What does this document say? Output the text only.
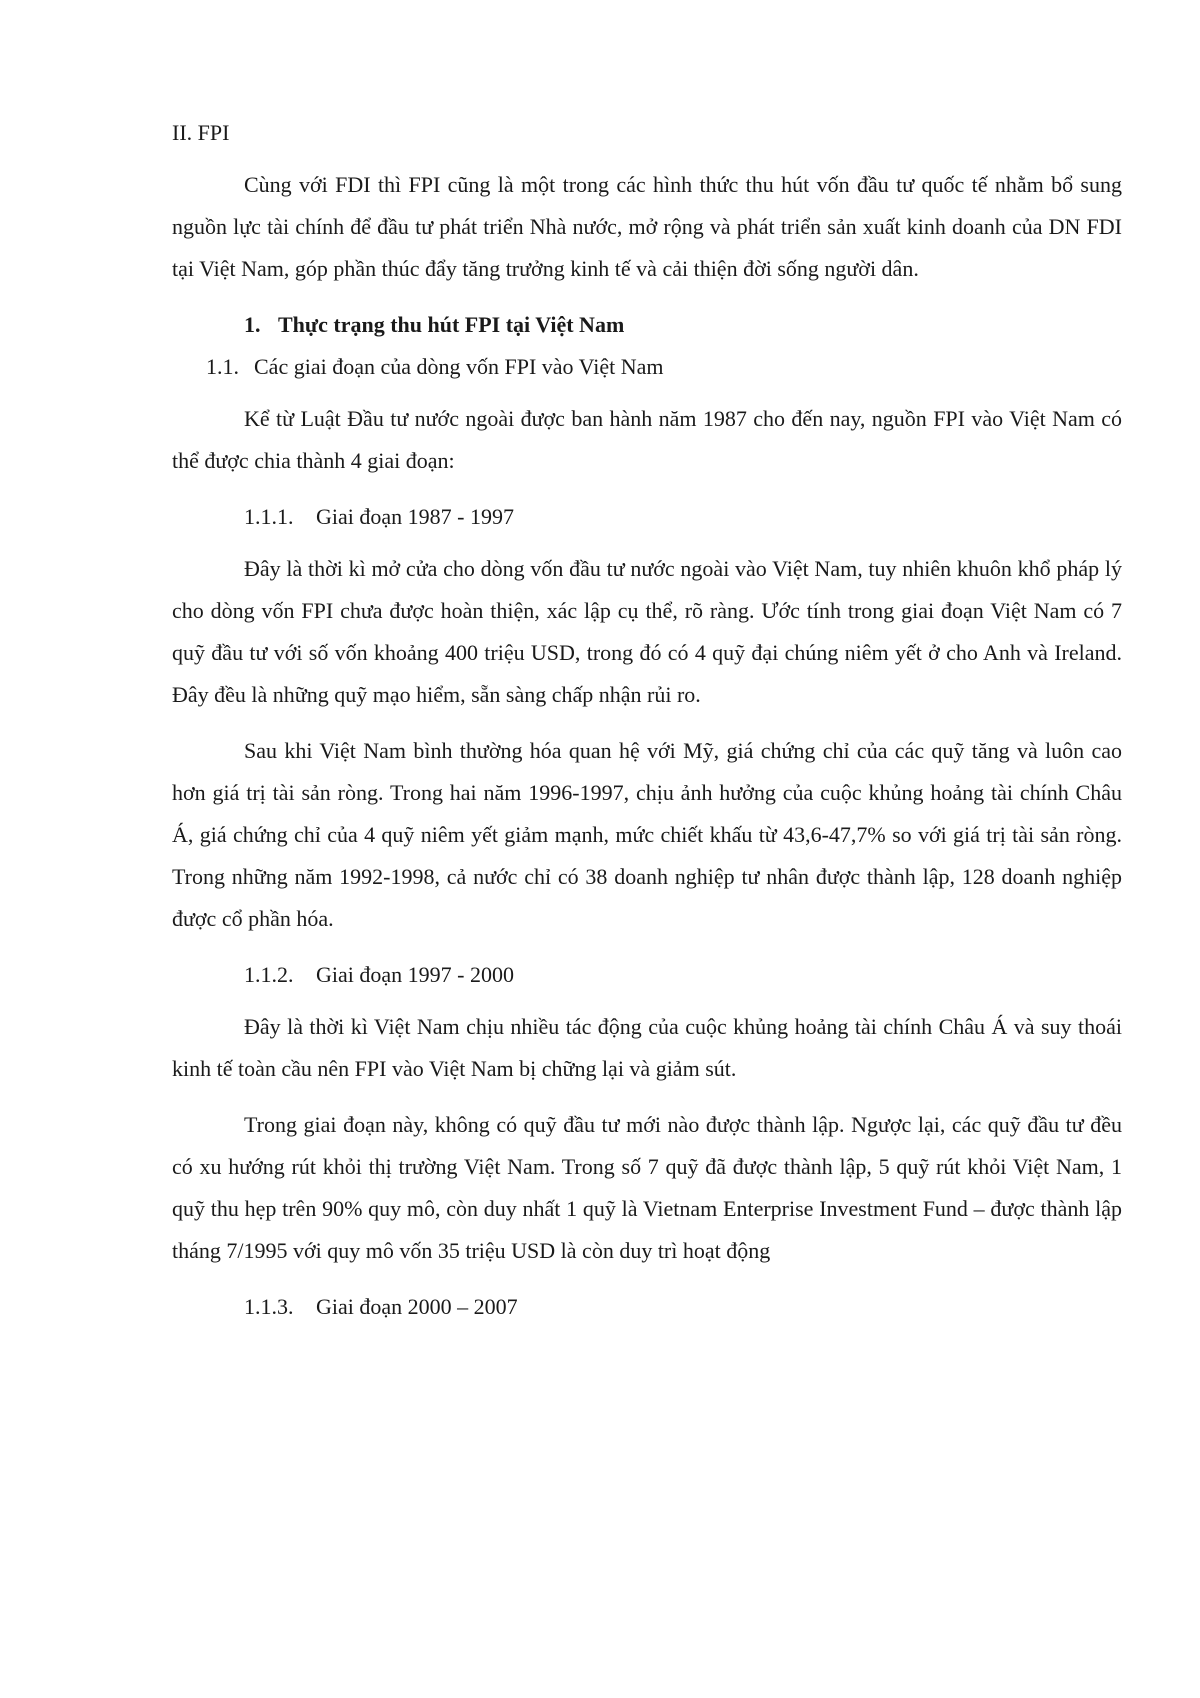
II. FPI

Cùng với FDI thì FPI cũng là một trong các hình thức thu hút vốn đầu tư quốc tế nhằm bổ sung nguồn lực tài chính để đầu tư phát triển Nhà nước, mở rộng và phát triển sản xuất kinh doanh của DN FDI tại Việt Nam, góp phần thúc đẩy tăng trưởng kinh tế và cải thiện đời sống người dân.

1. Thực trạng thu hút FPI tại Việt Nam
1.1. Các giai đoạn của dòng vốn FPI vào Việt Nam

Kể từ Luật Đầu tư nước ngoài được ban hành năm 1987 cho đến nay, nguồn FPI vào Việt Nam có thể được chia thành 4 giai đoạn:

1.1.1. Giai đoạn 1987 - 1997

Đây là thời kì mở cửa cho dòng vốn đầu tư nước ngoài vào Việt Nam, tuy nhiên khuôn khổ pháp lý cho dòng vốn FPI chưa được hoàn thiện, xác lập cụ thể, rõ ràng. Ước tính trong giai đoạn Việt Nam có 7 quỹ đầu tư với số vốn khoảng 400 triệu USD, trong đó có 4 quỹ đại chúng niêm yết ở cho Anh và Ireland. Đây đều là những quỹ mạo hiểm, sẵn sàng chấp nhận rủi ro.

Sau khi Việt Nam bình thường hóa quan hệ với Mỹ, giá chứng chỉ của các quỹ tăng và luôn cao hơn giá trị tài sản ròng. Trong hai năm 1996-1997, chịu ảnh hưởng của cuộc khủng hoảng tài chính Châu Á, giá chứng chỉ của 4 quỹ niêm yết giảm mạnh, mức chiết khấu từ 43,6-47,7% so với giá trị tài sản ròng. Trong những năm 1992-1998, cả nước chỉ có 38 doanh nghiệp tư nhân được thành lập, 128 doanh nghiệp được cổ phần hóa.

1.1.2. Giai đoạn 1997 - 2000

Đây là thời kì Việt Nam chịu nhiều tác động của cuộc khủng hoảng tài chính Châu Á và suy thoái kinh tế toàn cầu nên FPI vào Việt Nam bị chững lại và giảm sút.

Trong giai đoạn này, không có quỹ đầu tư mới nào được thành lập. Ngược lại, các quỹ đầu tư đều có xu hướng rút khỏi thị trường Việt Nam. Trong số 7 quỹ đã được thành lập, 5 quỹ rút khỏi Việt Nam, 1 quỹ thu hẹp trên 90% quy mô, còn duy nhất 1 quỹ là Vietnam Enterprise Investment Fund – được thành lập tháng 7/1995 với quy mô vốn 35 triệu USD là còn duy trì hoạt động

1.1.3. Giai đoạn 2000 – 2007
